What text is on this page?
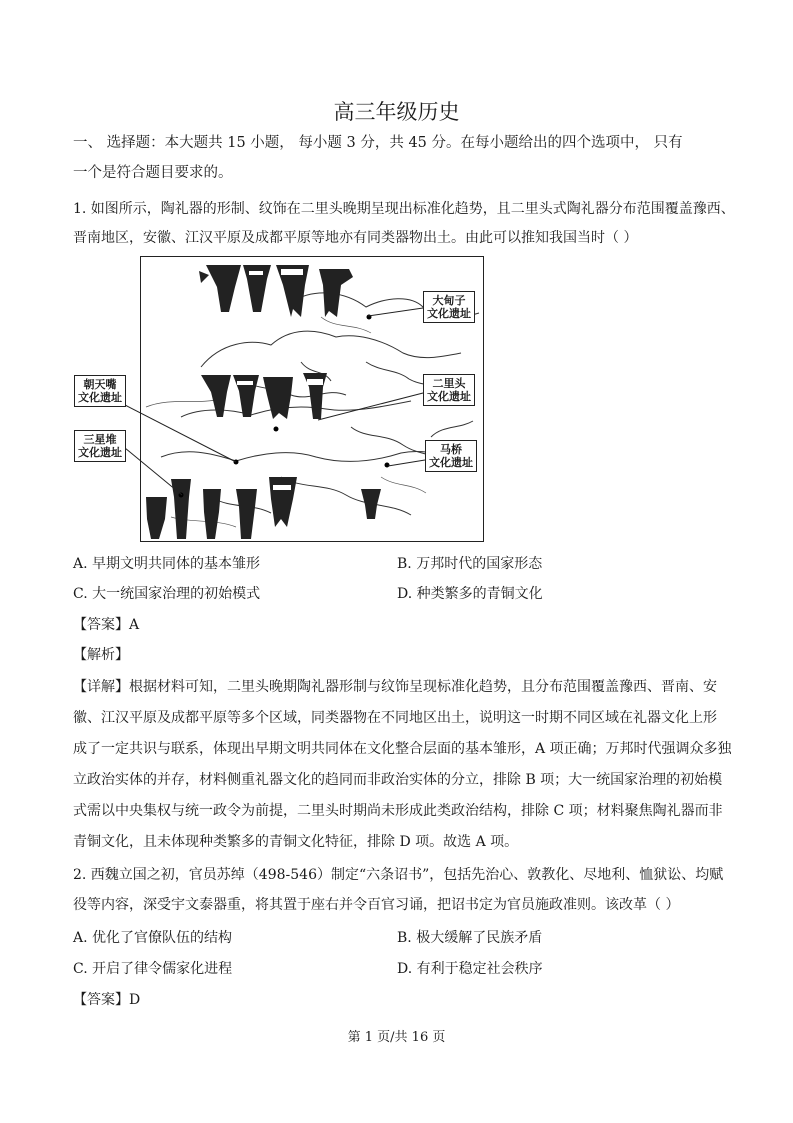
高三年级历史
一、 选择题：本大题共 15 小题， 每小题 3 分，共 45 分。在每小题给出的四个选项中， 只有
一个是符合题目要求的。
1. 如图所示，陶礼器的形制、纹饰在二里头晚期呈现出标准化趋势，且二里头式陶礼器分布范围覆盖豫西、
晋南地区，安徽、江汉平原及成都平原等地亦有同类器物出土。由此可以推知我国当时（ ）
大甸子
文化遗址
朝天嘴
文化遗址
二里头
文化遗址
三星堆
文化遗址	马桥
文化遗址
A. 早期文明共同体的基本雏形	B. 万邦时代的国家形态
C. 大一统国家治理的初始模式	D. 种类繁多的青铜文化
【答案】A
【解析】
【详解】根据材料可知，二里头晚期陶礼器形制与纹饰呈现标准化趋势，且分布范围覆盖豫西、晋南、安
徽、江汉平原及成都平原等多个区域，同类器物在不同地区出土，说明这一时期不同区域在礼器文化上形
成了一定共识与联系，体现出早期文明共同体在文化整合层面的基本雏形，A 项正确；万邦时代强调众多独
立政治实体的并存，材料侧重礼器文化的趋同而非政治实体的分立，排除 B 项；大一统国家治理的初始模
式需以中央集权与统一政令为前提，二里头时期尚未形成此类政治结构，排除 C 项；材料聚焦陶礼器而非
青铜文化，且未体现种类繁多的青铜文化特征，排除 D 项。故选 A 项。
2. 西魏立国之初，官员苏绰（498-546）制定“六条诏书”，包括先治心、敦教化、尽地利、恤狱讼、均赋
役等内容，深受宇文泰器重，将其置于座右并令百官习诵，把诏书定为官员施政准则。该改革（ ）
A. 优化了官僚队伍的结构	B. 极大缓解了民族矛盾
C. 开启了律令儒家化进程	D. 有利于稳定社会秩序
【答案】D
第 1 页/共 16 页
